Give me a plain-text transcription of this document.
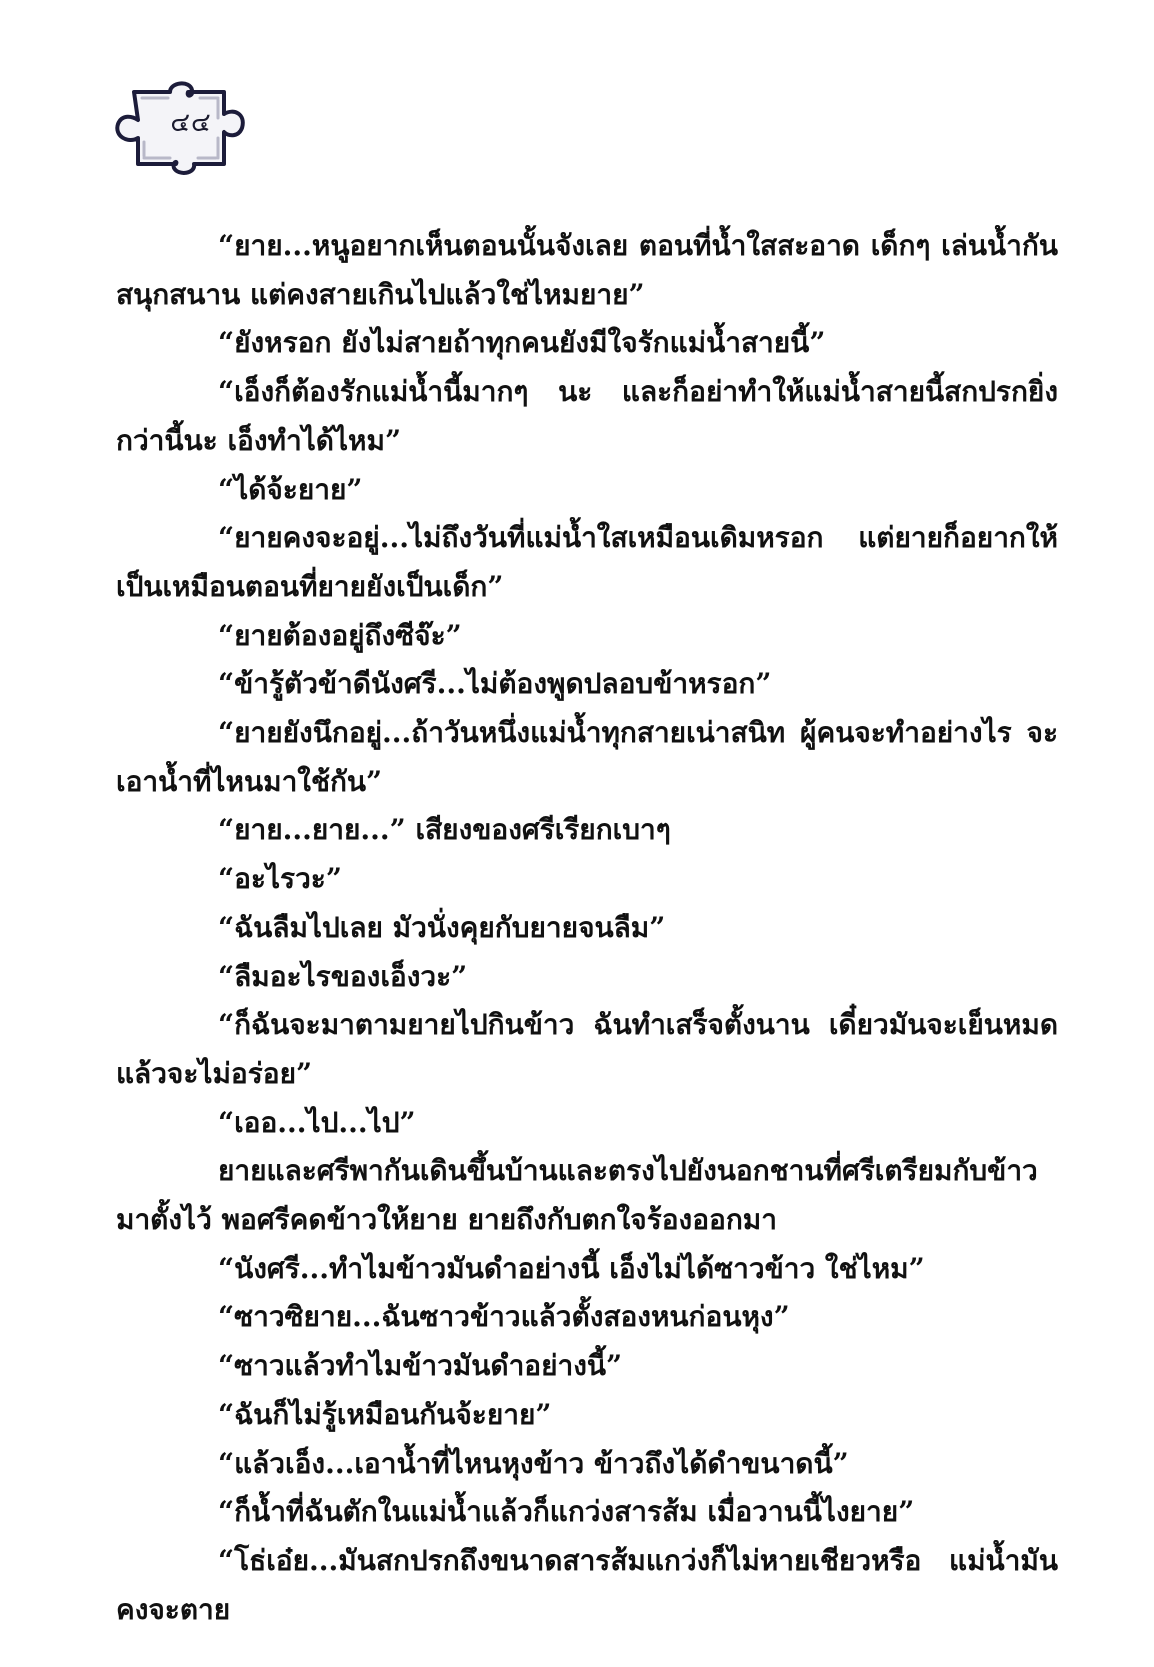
๔๔

“ยาย...หนูอยากเห็นตอนนั้นจังเลย ตอนที่น้ำใสสะอาด เด็กๆ เล่นน้ำกันสนุกสนาน แต่คงสายเกินไปแล้วใช่ไหมยาย”

“ยังหรอก ยังไม่สายถ้าทุกคนยังมีใจรักแม่น้ำสายนี้”

“เอ็งก็ต้องรักแม่น้ำนี้มากๆ นะ และก็อย่าทำให้แม่น้ำสายนี้สกปรกยิ่งกว่านี้นะ เอ็งทำได้ไหม”

“ได้จ้ะยาย”

“ยายคงจะอยู่...ไม่ถึงวันที่แม่น้ำใสเหมือนเดิมหรอก แต่ยายก็อยากให้เป็นเหมือนตอนที่ยายยังเป็นเด็ก”

“ยายต้องอยู่ถึงซีจ๊ะ”

“ข้ารู้ตัวข้าดีนังศรี...ไม่ต้องพูดปลอบข้าหรอก”

“ยายยังนึกอยู่...ถ้าวันหนึ่งแม่น้ำทุกสายเน่าสนิท ผู้คนจะทำอย่างไร จะเอาน้ำที่ไหนมาใช้กัน”

“ยาย...ยาย...” เสียงของศรีเรียกเบาๆ

“อะไรวะ”

“ฉันลืมไปเลย มัวนั่งคุยกับยายจนลืม”

“ลืมอะไรของเอ็งวะ”

“ก็ฉันจะมาตามยายไปกินข้าว ฉันทำเสร็จตั้งนาน เดี๋ยวมันจะเย็นหมดแล้วจะไม่อร่อย”

“เออ...ไป...ไป”

ยายและศรีพากันเดินขึ้นบ้านและตรงไปยังนอกชานที่ศรีเตรียมกับข้าวมาตั้งไว้ พอศรีคดข้าวให้ยาย ยายถึงกับตกใจร้องออกมา

“นังศรี...ทำไมข้าวมันดำอย่างนี้ เอ็งไม่ได้ซาวข้าว ใช่ไหม”

“ซาวซิยาย...ฉันซาวข้าวแล้วตั้งสองหนก่อนหุง”

“ซาวแล้วทำไมข้าวมันดำอย่างนี้”

“ฉันก็ไม่รู้เหมือนกันจ้ะยาย”

“แล้วเอ็ง...เอาน้ำที่ไหนหุงข้าว ข้าวถึงได้ดำขนาดนี้”

“ก็น้ำที่ฉันตักในแม่น้ำแล้วก็แกว่งสารส้ม เมื่อวานนี้ไงยาย”

“โธ่เอ๋ย...มันสกปรกถึงขนาดสารส้มแกว่งก็ไม่หายเชียวหรือ แม่น้ำมันคงจะตาย
